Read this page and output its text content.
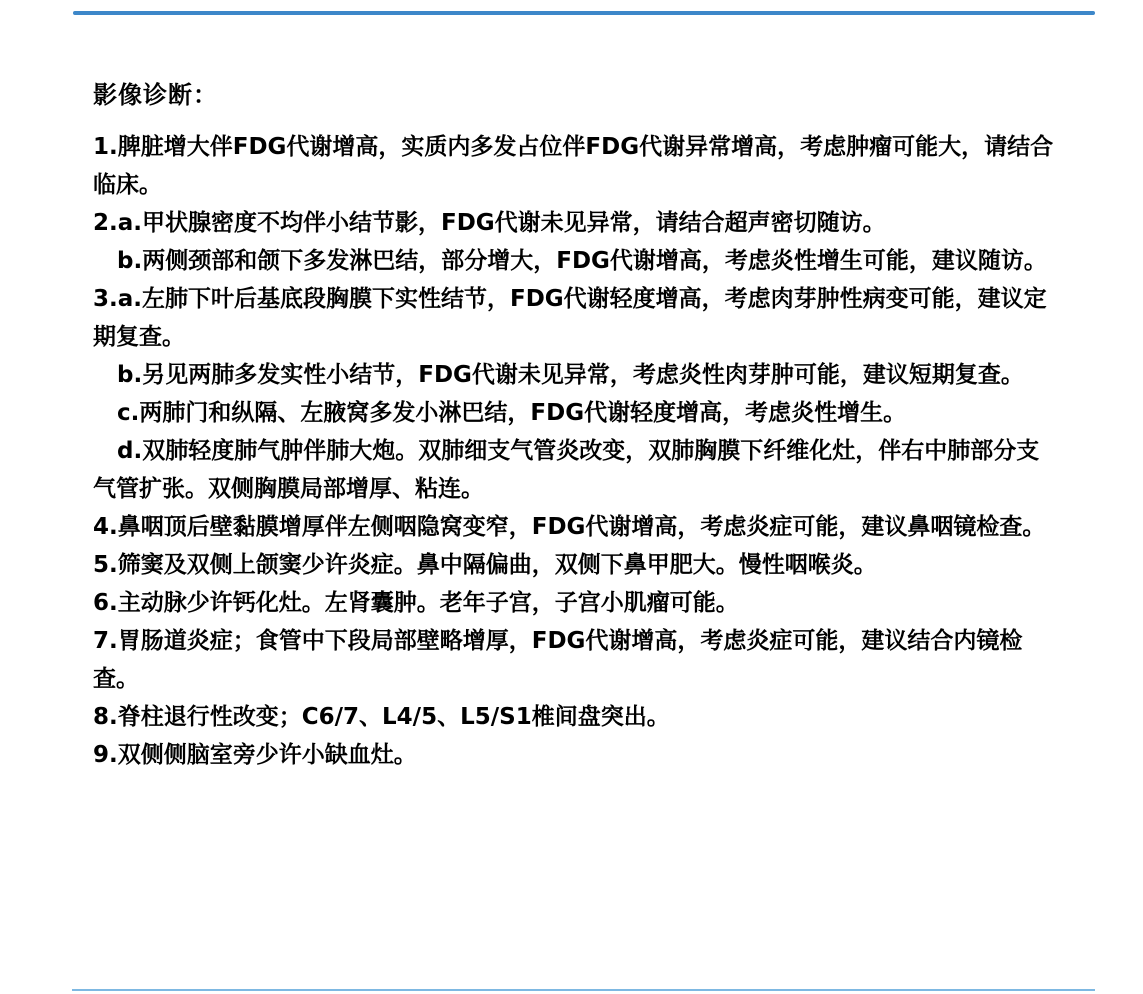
影像诊断：
1.脾脏增大伴FDG代谢增高，实质内多发占位伴FDG代谢异常增高，考虑肿瘤可能大，请结合临床。
2.a.甲状腺密度不均伴小结节影，FDG代谢未见异常，请结合超声密切随访。
b.两侧颈部和颌下多发淋巴结，部分增大，FDG代谢增高，考虑炎性增生可能，建议随访。
3.a.左肺下叶后基底段胸膜下实性结节，FDG代谢轻度增高，考虑肉芽肿性病变可能，建议定期复查。
b.另见两肺多发实性小结节，FDG代谢未见异常，考虑炎性肉芽肿可能，建议短期复查。
c.两肺门和纵隔、左腋窝多发小淋巴结，FDG代谢轻度增高，考虑炎性增生。
d.双肺轻度肺气肿伴肺大炮。双肺细支气管炎改变，双肺胸膜下纤维化灶，伴右中肺部分支气管扩张。双侧胸膜局部增厚、粘连。
4.鼻咽顶后壁黏膜增厚伴左侧咽隐窝变窄，FDG代谢增高，考虑炎症可能，建议鼻咽镜检查。
5.筛窦及双侧上颌窦少许炎症。鼻中隔偏曲，双侧下鼻甲肥大。慢性咽喉炎。
6.主动脉少许钙化灶。左肾囊肿。老年子宫，子宫小肌瘤可能。
7.胃肠道炎症；食管中下段局部壁略增厚，FDG代谢增高，考虑炎症可能，建议结合内镜检查。
8.脊柱退行性改变；C6/7、L4/5、L5/S1椎间盘突出。
9.双侧侧脑室旁少许小缺血灶。
